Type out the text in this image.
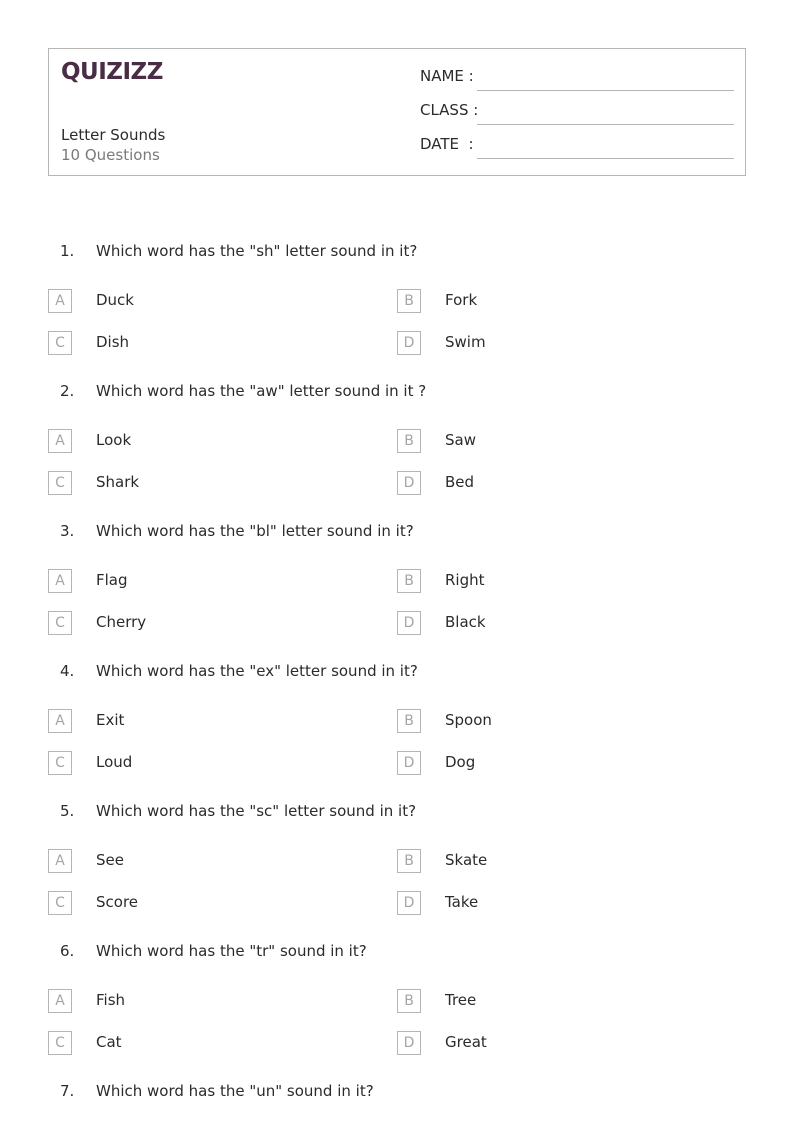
QUIZIZZ
Letter Sounds
10 Questions
NAME :
CLASS :
DATE  :
1. Which word has the "sh" letter sound in it?
A	Duck	B	Fork
C	Dish	D	Swim
2. Which word has the "aw" letter sound in it ?
A	Look	B	Saw
C	Shark	D	Bed
3. Which word has the "bl" letter sound in it?
A	Flag	B	Right
C	Cherry	D	Black
4. Which word has the "ex" letter sound in it?
A	Exit	B	Spoon
C	Loud	D	Dog
5. Which word has the "sc" letter sound in it?
A	See	B	Skate
C	Score	D	Take
6. Which word has the "tr" sound in it?
A	Fish	B	Tree
C	Cat	D	Great
7. Which word has the "un" sound in it?
